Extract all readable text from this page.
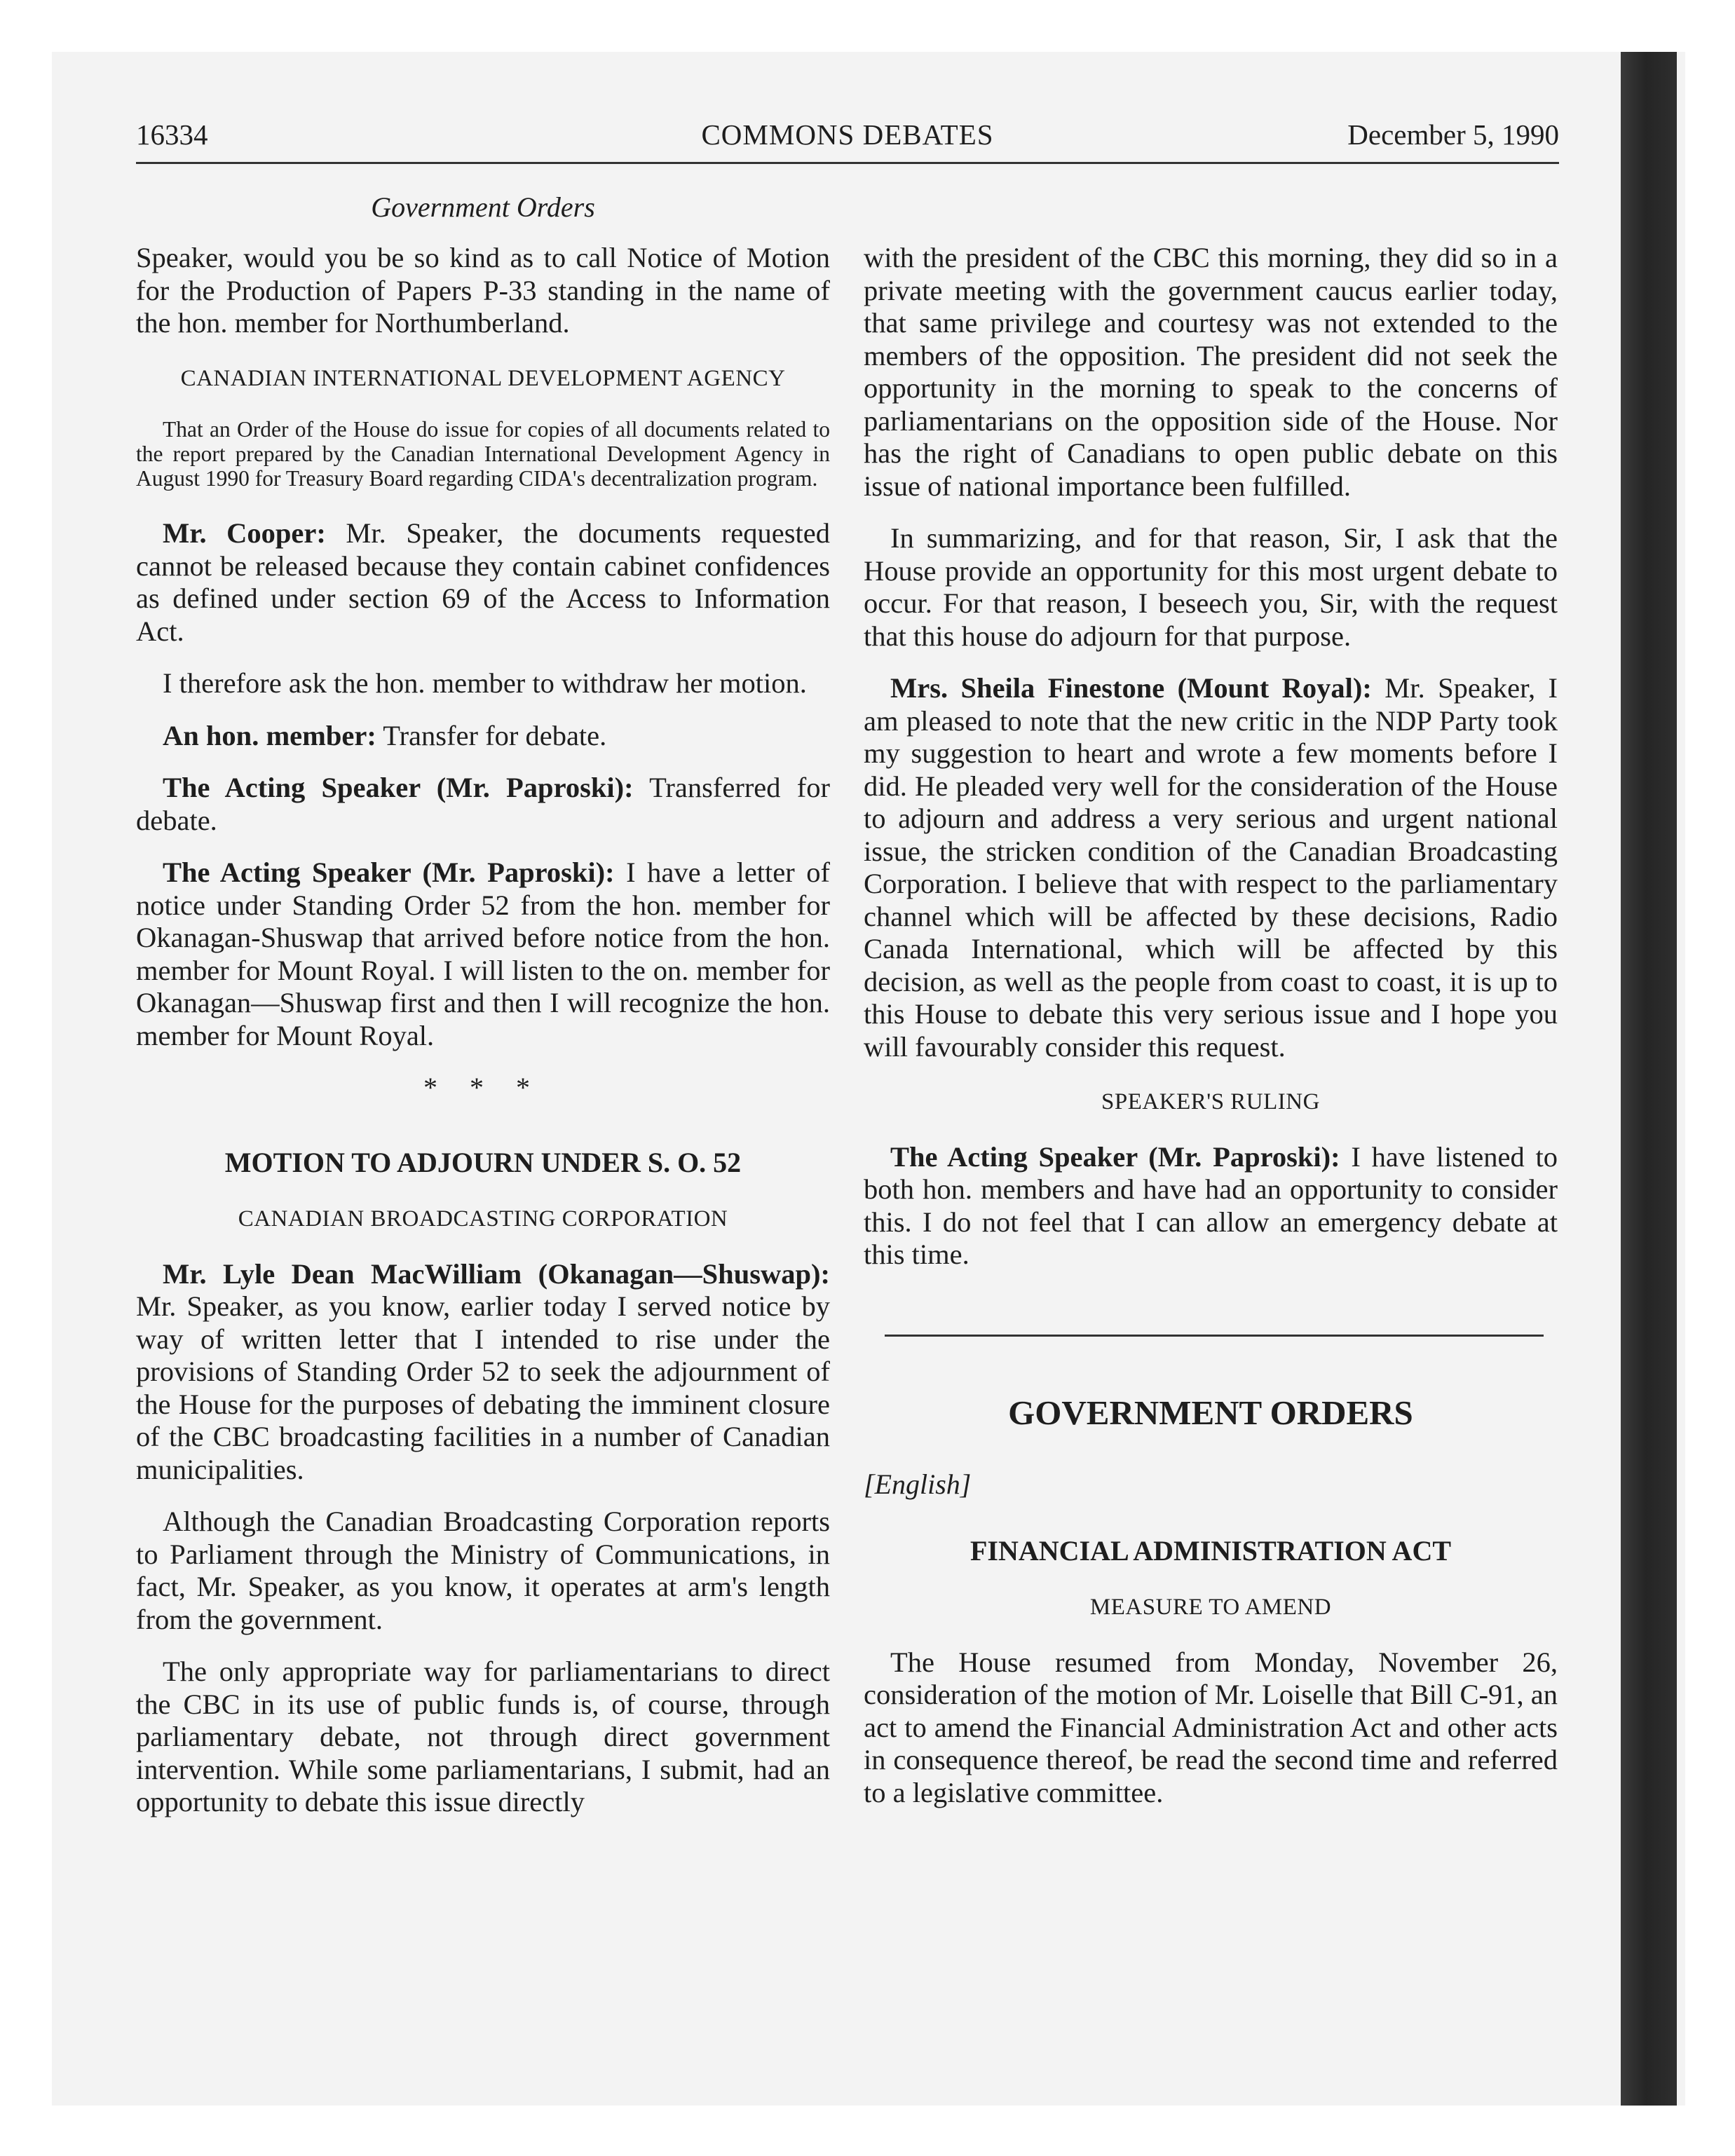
16334	COMMONS DEBATES	December 5, 1990
Government Orders

Speaker, would you be so kind as to call Notice of Motion for the Production of Papers P-33 standing in the name of the hon. member for Northumberland.

CANADIAN INTERNATIONAL DEVELOPMENT AGENCY

That an Order of the House do issue for copies of all documents related to the report prepared by the Canadian International Development Agency in August 1990 for Treasury Board regarding CIDA's decentralization program.

Mr. Cooper: Mr. Speaker, the documents requested cannot be released because they contain cabinet confidences as defined under section 69 of the Access to Information Act.

I therefore ask the hon. member to withdraw her motion.

An hon. member: Transfer for debate.

The Acting Speaker (Mr. Paproski): Transferred for debate.

The Acting Speaker (Mr. Paproski): I have a letter of notice under Standing Order 52 from the hon. member for Okanagan-Shuswap that arrived before notice from the hon. member for Mount Royal. I will listen to the on. member for Okanagan—Shuswap first and then I will recognize the hon. member for Mount Royal.

* * *
MOTION TO ADJOURN UNDER S. O. 52
CANADIAN BROADCASTING CORPORATION

Mr. Lyle Dean MacWilliam (Okanagan—Shuswap): Mr. Speaker, as you know, earlier today I served notice by way of written letter that I intended to rise under the provisions of Standing Order 52 to seek the adjournment of the House for the purposes of debating the imminent closure of the CBC broadcasting facilities in a number of Canadian municipalities.

Although the Canadian Broadcasting Corporation reports to Parliament through the Ministry of Communications, in fact, Mr. Speaker, as you know, it operates at arm's length from the government.

The only appropriate way for parliamentarians to direct the CBC in its use of public funds is, of course, through parliamentary debate, not through direct government intervention. While some parliamentarians, I submit, had an opportunity to debate this issue directly

with the president of the CBC this morning, they did so in a private meeting with the government caucus earlier today, that same privilege and courtesy was not extended to the members of the opposition. The president did not seek the opportunity in the morning to speak to the concerns of parliamentarians on the opposition side of the House. Nor has the right of Canadians to open public debate on this issue of national importance been fulfilled.

In summarizing, and for that reason, Sir, I ask that the House provide an opportunity for this most urgent debate to occur. For that reason, I beseech you, Sir, with the request that this house do adjourn for that purpose.

Mrs. Sheila Finestone (Mount Royal): Mr. Speaker, I am pleased to note that the new critic in the NDP Party took my suggestion to heart and wrote a few moments before I did. He pleaded very well for the consideration of the House to adjourn and address a very serious and urgent national issue, the stricken condition of the Canadian Broadcasting Corporation. I believe that with respect to the parliamentary channel which will be affected by these decisions, Radio Canada International, which will be affected by this decision, as well as the people from coast to coast, it is up to this House to debate this very serious issue and I hope you will favourably consider this request.

SPEAKER'S RULING

The Acting Speaker (Mr. Paproski): I have listened to both hon. members and have had an opportunity to consider this. I do not feel that I can allow an emergency debate at this time.

GOVERNMENT ORDERS
[English]
FINANCIAL ADMINISTRATION ACT
MEASURE TO AMEND

The House resumed from Monday, November 26, consideration of the motion of Mr. Loiselle that Bill C-91, an act to amend the Financial Administration Act and other acts in consequence thereof, be read the second time and referred to a legislative committee.
